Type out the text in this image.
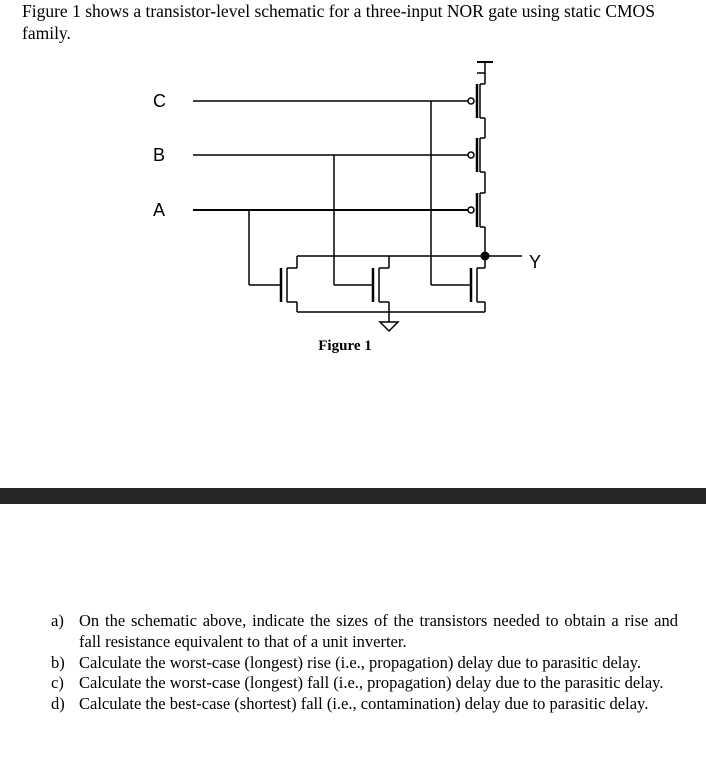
Figure 1 shows a transistor-level schematic for a three-input NOR gate using static CMOS family.
C
B
A
Y
Figure 1
a) On the schematic above, indicate the sizes of the transistors needed to obtain a rise and fall resistance equivalent to that of a unit inverter.
b) Calculate the worst-case (longest) rise (i.e., propagation) delay due to parasitic delay.
c) Calculate the worst-case (longest) fall (i.e., propagation) delay due to the parasitic delay.
d) Calculate the best-case (shortest) fall (i.e., contamination) delay due to parasitic delay.
